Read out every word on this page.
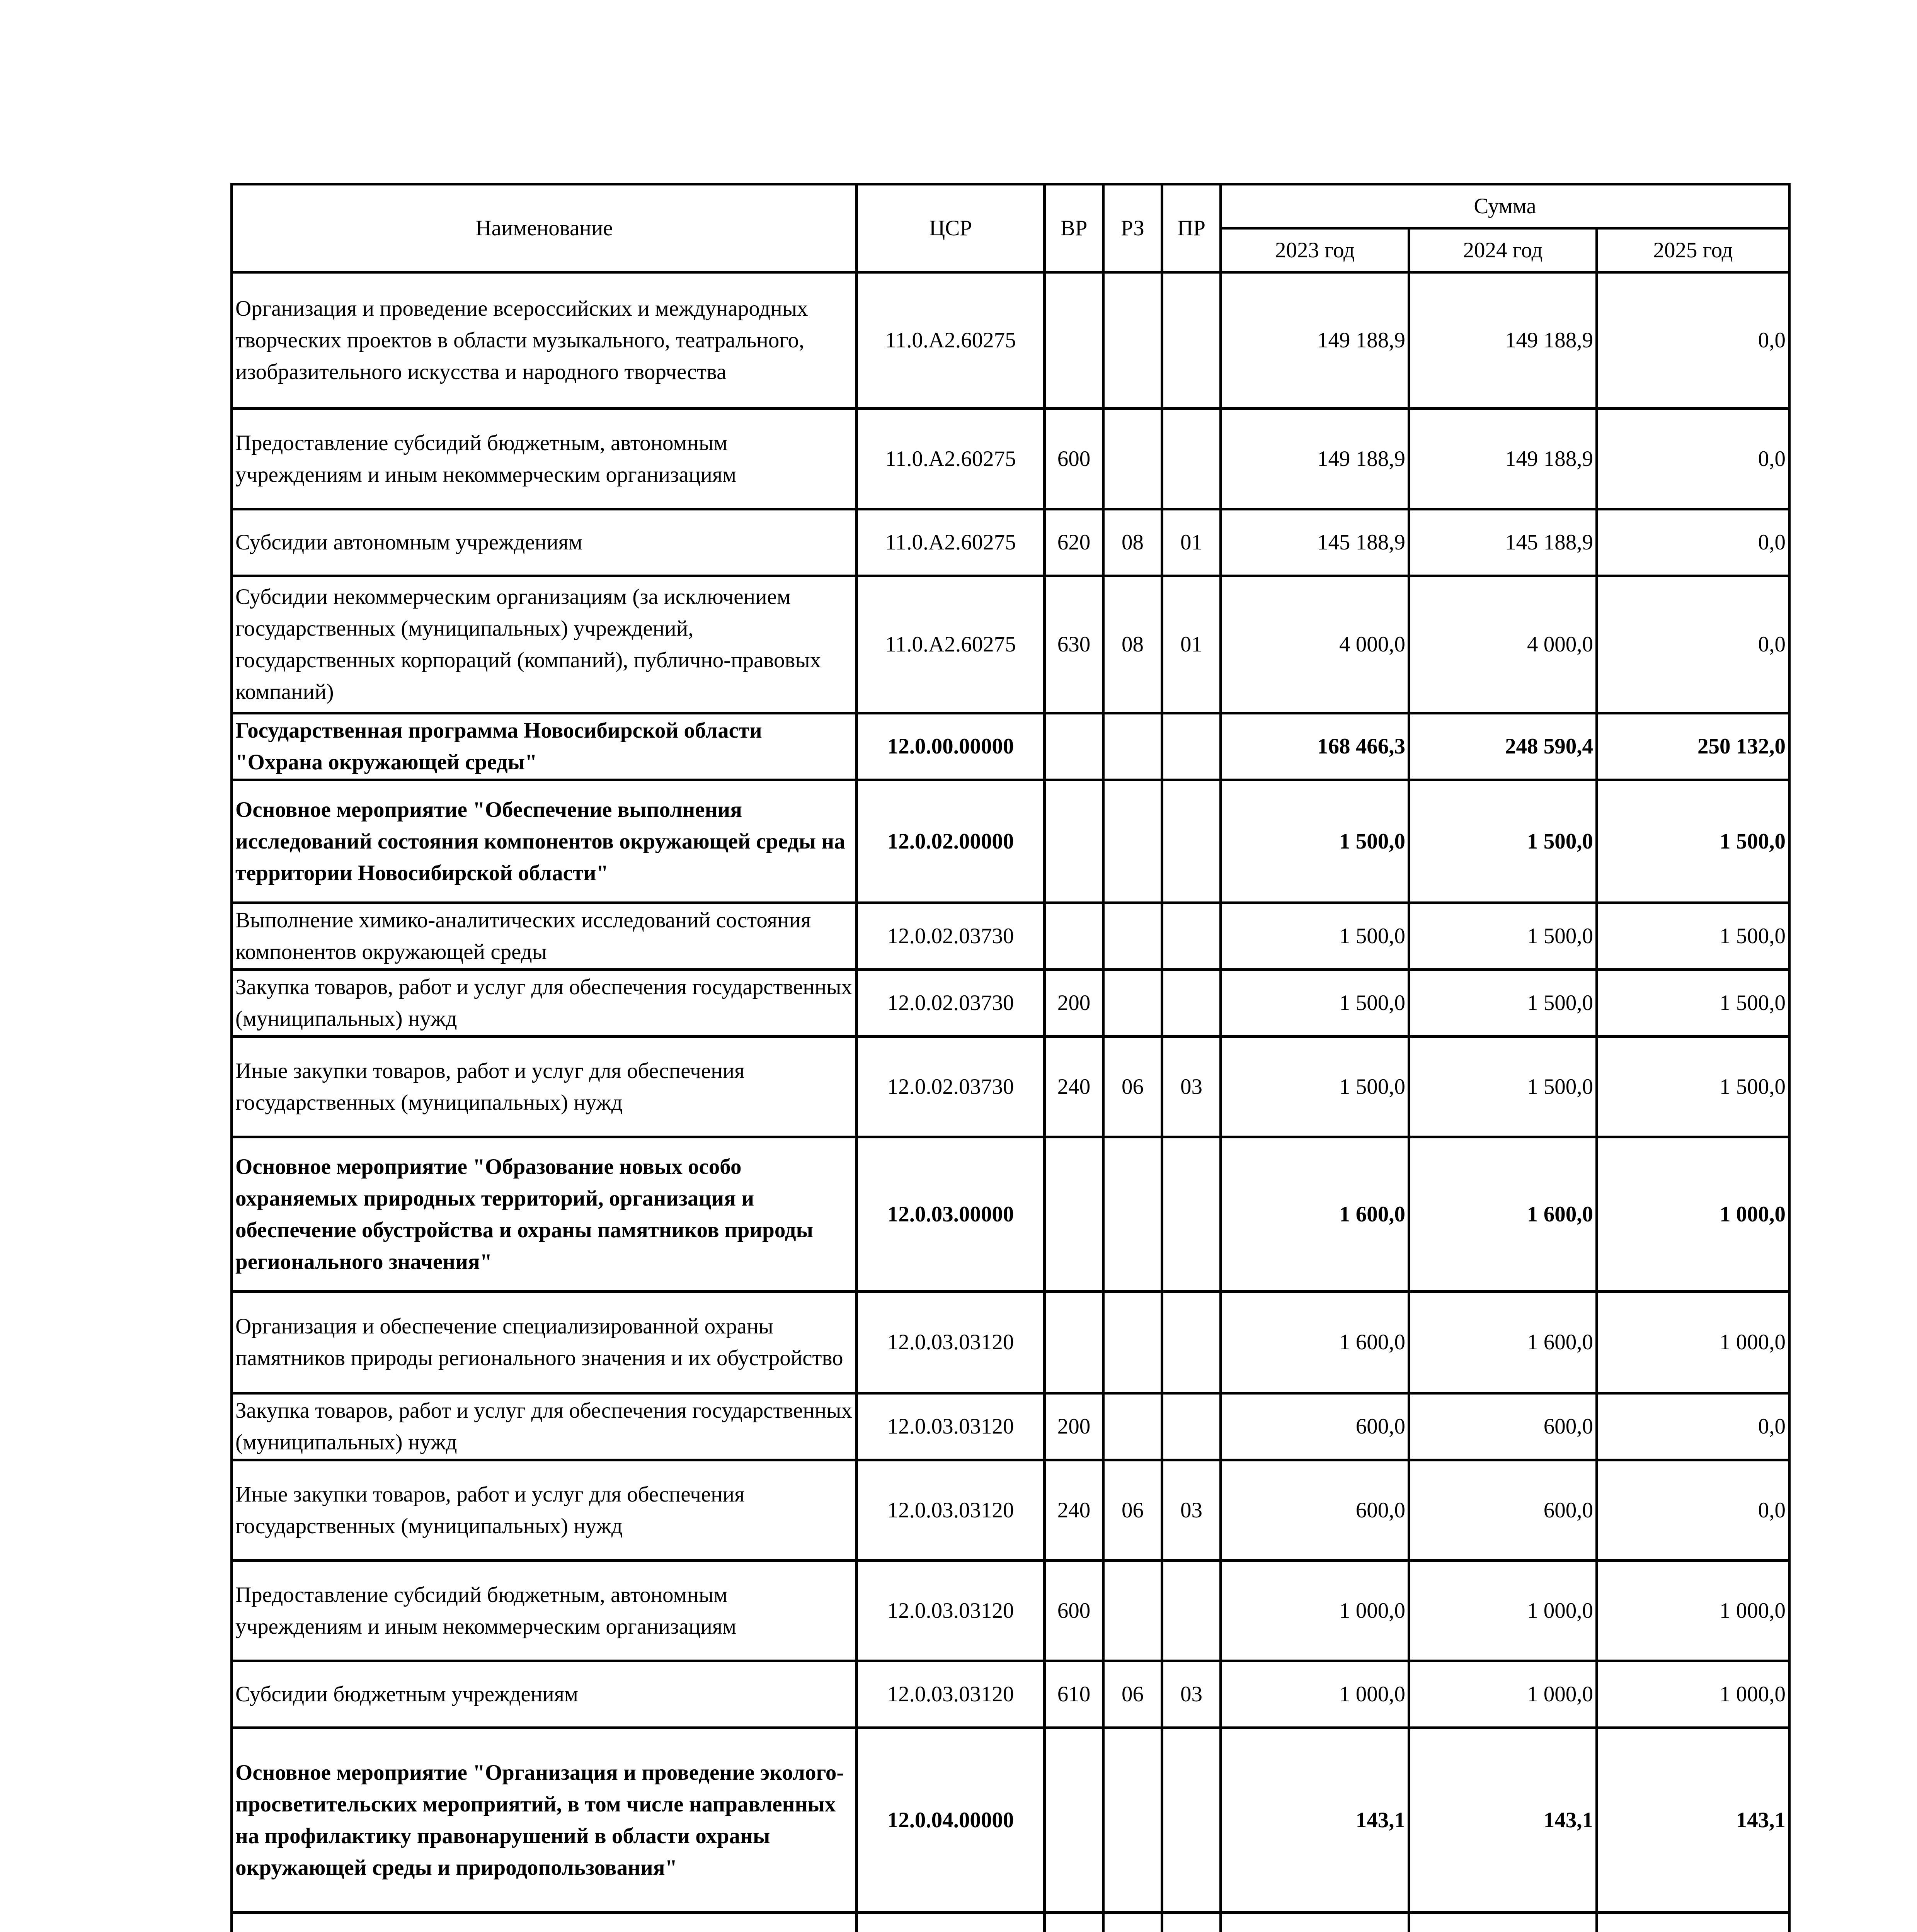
Наименование	ЦСР	ВР	РЗ	ПР	Сумма		
					2023 год	2024 год	2025 год
Организация и проведение всероссийских и международных творческих проектов в области музыкального, театрального, изобразительного искусства и народного творчества	11.0.А2.60275				149 188,9	149 188,9	0,0
Предоставление субсидий бюджетным, автономным учреждениям и иным некоммерческим организациям	11.0.А2.60275	600			149 188,9	149 188,9	0,0
Субсидии автономным учреждениям	11.0.А2.60275	620	08	01	145 188,9	145 188,9	0,0
Субсидии некоммерческим организациям (за исключением государственных (муниципальных) учреждений, государственных корпораций (компаний), публично-правовых компаний)	11.0.А2.60275	630	08	01	4 000,0	4 000,0	0,0
Государственная программа Новосибирской области "Охрана окружающей среды"	12.0.00.00000				168 466,3	248 590,4	250 132,0
Основное мероприятие "Обеспечение выполнения исследований состояния компонентов окружающей среды на территории Новосибирской области"	12.0.02.00000				1 500,0	1 500,0	1 500,0
Выполнение химико-аналитических исследований состояния компонентов окружающей среды	12.0.02.03730				1 500,0	1 500,0	1 500,0
Закупка товаров, работ и услуг для обеспечения государственных (муниципальных) нужд	12.0.02.03730	200			1 500,0	1 500,0	1 500,0
Иные закупки товаров, работ и услуг для обеспечения государственных (муниципальных) нужд	12.0.02.03730	240	06	03	1 500,0	1 500,0	1 500,0
Основное мероприятие "Образование новых особо охраняемых природных территорий, организация и обеспечение обустройства и охраны памятников природы регионального значения"	12.0.03.00000				1 600,0	1 600,0	1 000,0
Организация и обеспечение специализированной охраны памятников природы регионального значения и их обустройство	12.0.03.03120				1 600,0	1 600,0	1 000,0
Закупка товаров, работ и услуг для обеспечения государственных (муниципальных) нужд	12.0.03.03120	200			600,0	600,0	0,0
Иные закупки товаров, работ и услуг для обеспечения государственных (муниципальных) нужд	12.0.03.03120	240	06	03	600,0	600,0	0,0
Предоставление субсидий бюджетным, автономным учреждениям и иным некоммерческим организациям	12.0.03.03120	600			1 000,0	1 000,0	1 000,0
Субсидии бюджетным учреждениям	12.0.03.03120	610	06	03	1 000,0	1 000,0	1 000,0
Основное мероприятие "Организация и проведение эколого-просветительских мероприятий, в том числе направленных на профилактику правонарушений в области охраны окружающей среды и природопользования"	12.0.04.00000				143,1	143,1	143,1
